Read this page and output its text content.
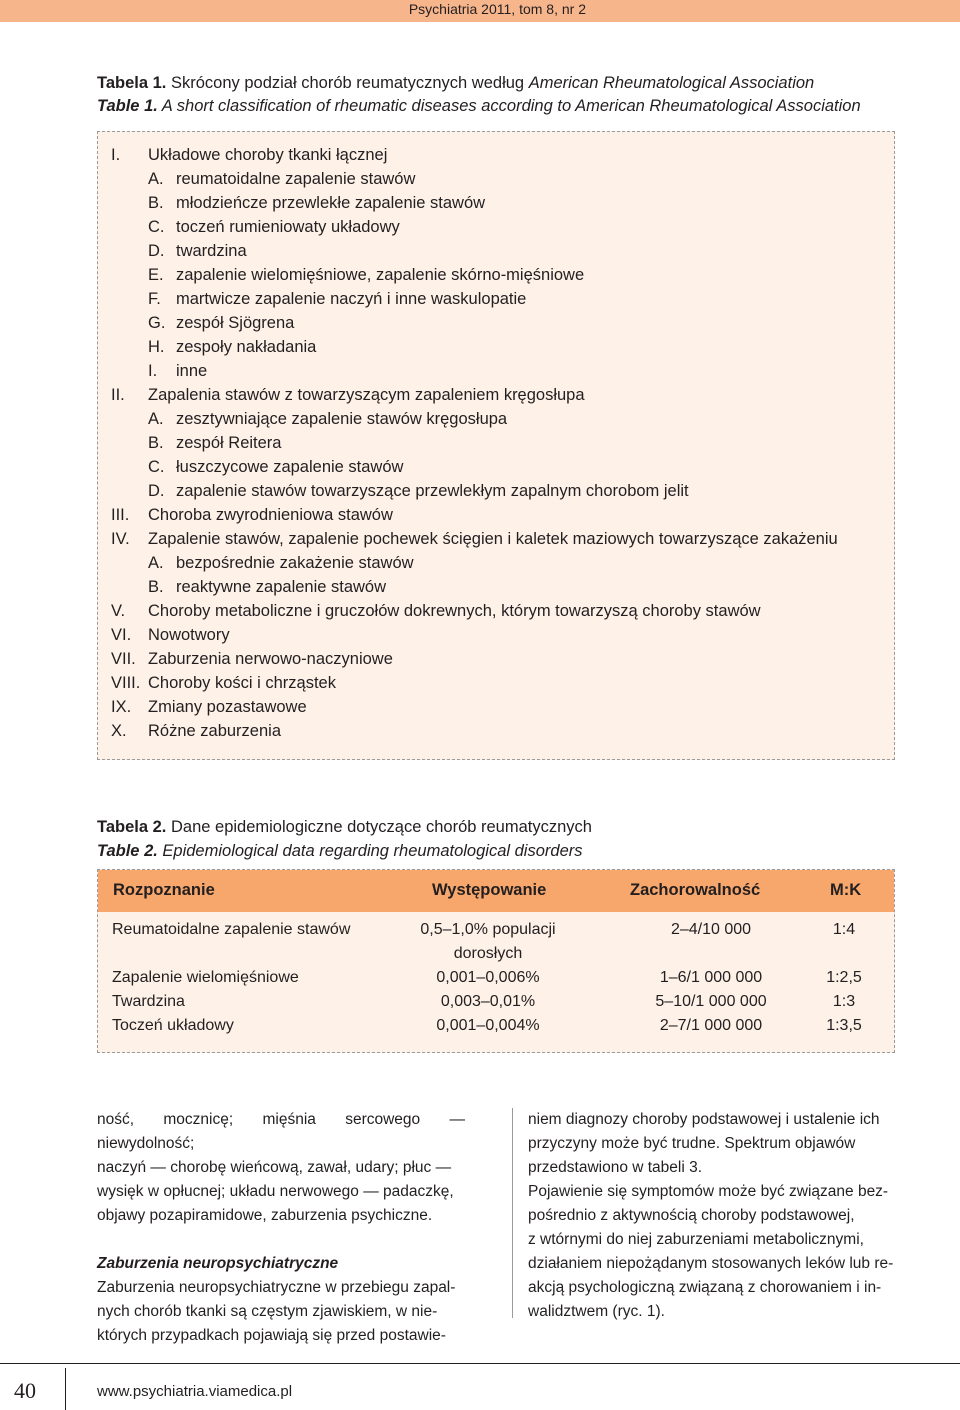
Psychiatria 2011, tom 8, nr 2
Tabela 1. Skrócony podział chorób reumatycznych według American Rheumatological Association
Table 1. A short classification of rheumatic diseases according to American Rheumatological Association
I. Układowe choroby tkanki łącznej
A. reumatoidalne zapalenie stawów
B. młodzieńcze przewlekłe zapalenie stawów
C. toczeń rumieniowaty układowy
D. twardzina
E. zapalenie wielomięśniowe, zapalenie skórno-mięśniowe
F. martwicze zapalenie naczyń i inne waskulopatie
G. zespół Sjögrena
H. zespoły nakładania
I. inne
II. Zapalenia stawów z towarzyszącym zapaleniem kręgosłupa
A. zesztywniające zapalenie stawów kręgosłupa
B. zespół Reitera
C. łuszczycowe zapalenie stawów
D. zapalenie stawów towarzyszące przewlekłym zapalnym chorobom jelit
III. Choroba zwyrodnieniowa stawów
IV. Zapalenie stawów, zapalenie pochewek ścięgien i kaletek maziowych towarzyszące zakażeniu
A. bezpośrednie zakażenie stawów
B. reaktywne zapalenie stawów
V. Choroby metaboliczne i gruczołów dokrewnych, którym towarzyszą choroby stawów
VI. Nowotwory
VII. Zaburzenia nerwowo-naczyniowe
VIII. Choroby kości i chrząstek
IX. Zmiany pozastawowe
X. Różne zaburzenia
Tabela 2. Dane epidemiologiczne dotyczące chorób reumatycznych
Table 2. Epidemiological data regarding rheumatological disorders
Rozpoznanie	Występowanie	Zachorowalność	M:K
Reumatoidalne zapalenie stawów	0,5–1,0% populacji	2–4/10 000	1:4
dorosłych
Zapalenie wielomięśniowe	0,001–0,006%	1–6/1 000 000	1:2,5
Twardzina	0,003–0,01%	5–10/1 000 000	1:3
Toczeń układowy	0,001–0,004%	2–7/1 000 000	1:3,5

ność, mocznicę; mięśnia sercowego — niewydolność;

naczyń — chorobę wieńcową, zawał, udary; płuc —

wysięk w opłucnej; układu nerwowego — padaczkę,

objawy pozapiramidowe, zaburzenia psychiczne.

Zaburzenia neuropsychiatryczne

Zaburzenia neuropsychiatryczne w przebiegu zapal-

nych chorób tkanki są częstym zjawiskiem, w nie-

których przypadkach pojawiają się przed postawie-

niem diagnozy choroby podstawowej i ustalenie ich

przyczyny może być trudne. Spektrum objawów

przedstawiono w tabeli 3.

Pojawienie się symptomów może być związane bez-

pośrednio z aktywnością choroby podstawowej,

z wtórnymi do niej zaburzeniami metabolicznymi,

działaniem niepożądanym stosowanych leków lub re-

akcją psychologiczną związaną z chorowaniem i in-

walidztwem (ryc. 1).

40	www.psychiatria.viamedica.pl
